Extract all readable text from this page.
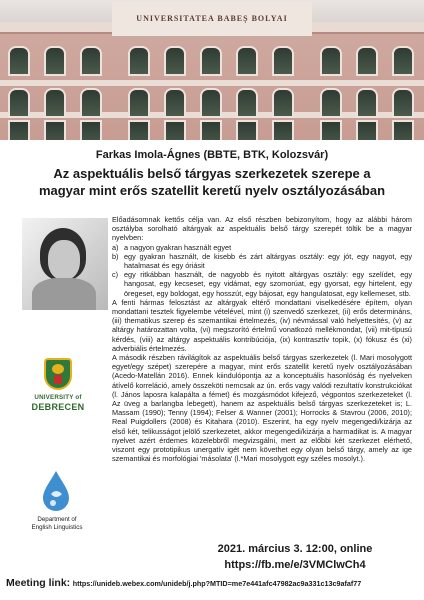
UNIVERSITATEA BABEȘ BOLYAI
Farkas Imola-Ágnes (BBTE, BTK, Kolozsvár)
Az aspektuális belső tárgyas szerkezetek szerepe a
magyar mint erős szatellit keretű nyelv osztályozásában
UNIVERSITY of
DEBRECEN
Department of
English Linguistics

Előadásomnak kettős célja van. Az első részben bebizonyítom, hogy az alábbi három osztályba sorolható altárgyak az aspektuális belső tárgy szerepét töltik be a magyar nyelvben:

a) a nagyon gyakran használt egyet
b) egy gyakran használt, de kisebb és zárt altárgyas osztály: egy jót, egy nagyot, egy hatalmasat és egy óriásit
c) egy ritkábban használt, de nagyobb és nyitott altárgyas osztály: egy szelídet, egy hangosat, egy kecseset, egy vidámat, egy szomorúat, egy gyorsat, egy hirtelent, egy öregeset, egy boldogat, egy hosszút, egy bájosat, egy hangulatosat, egy kellemeset, stb.

A fenti hármas felosztást az altárgyak eltérő mondattani viselkedésére építem, olyan mondattani tesztek figyelembe vételével, mint (i) szenvedő szerkezet, (ii) erős determináns, (iii) thematikus szerep és szemantikai értelmezés, (iv) névmással való helyettesítés, (v) az altárgy határozattan volta, (vi) megszorító értelmű vonatkozó mellékmondat, (vii) mit-típusú kérdés, (viii) az altárgy aspektuális kontribúciója, (ix) kontrasztív topik, (x) fókusz és (xi) adverbiális értelmezés.

A második részben rávilágítok az aspektuális belső tárgyas szerkezetek (l. Mari mosolygott egyet/egy szépet) szerepére a magyar, mint erős szatellit keretű nyelv osztályozásában (Acedo-Matellán 2016). Ennek kiindulópontja az a konceptuális hasonlóság és nyelveken átívelő korreláció, amely összeköti nemcsak az ún. erős vagy valódi rezultatív konstrukciókat (l. János laposra kalapálta a fémet) és mozgásmódot kifejező, végpontos szerkezeteket (l. Az üveg a barlangba lebegett), hanem az aspektuális belső tárgyas szerkezeteket is; L. Massam (1990); Tenny (1994); Felser & Wanner (2001); Horrocks & Stavrou (2006, 2010); Real Puigdollers (2008) és Kitahara (2010). Eszerint, ha egy nyelv megengedi/kizárja az első két, telikusságot jelölő szerkezetet, akkor megengedi/kizárja a harmadikat is. A magyar nyelvet azért érdemes közelebbről megvizsgálni, mert az előbbi két szerkezet elérhető, viszont egy prototipikus unergatív igét nem követhet egy olyan belső tárgy, amely az ige szemantikai és morfológiai 'másolata' (l.*Mari mosolygott egy széles mosolyt.).

2021. március 3. 12:00, online
https://fb.me/e/3VMClwCh4
Meeting link: https://unideb.webex.com/unideb/j.php?MTID=me7e441afc47982ac9a331c13c9afaf77
